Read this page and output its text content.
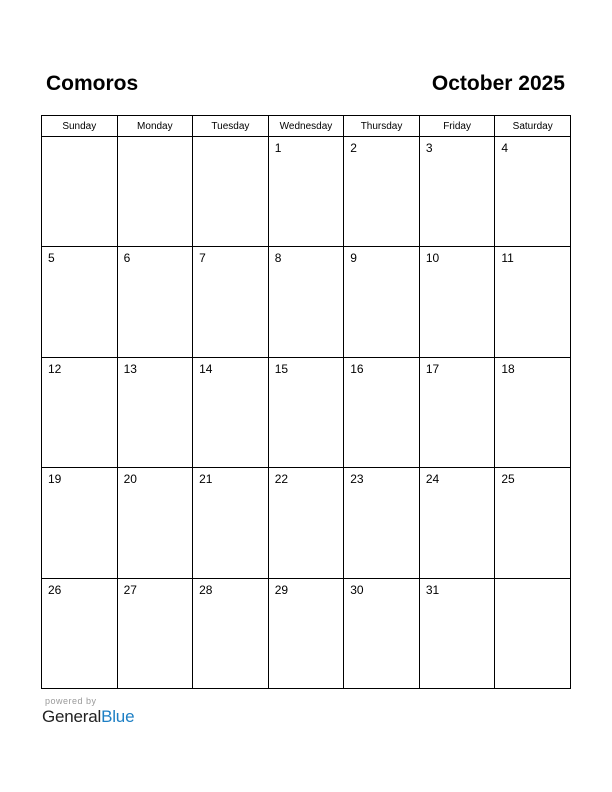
Comoros	October 2025
Sunday	Monday	Tuesday	Wednesday	Thursday	Friday	Saturday

			1	2	3	4

5	6	7	8	9	10	11

12	13	14	15	16	17	18

19	20	21	22	23	24	25

26	27	28	29	30	31	

powered by
GeneralBlue
